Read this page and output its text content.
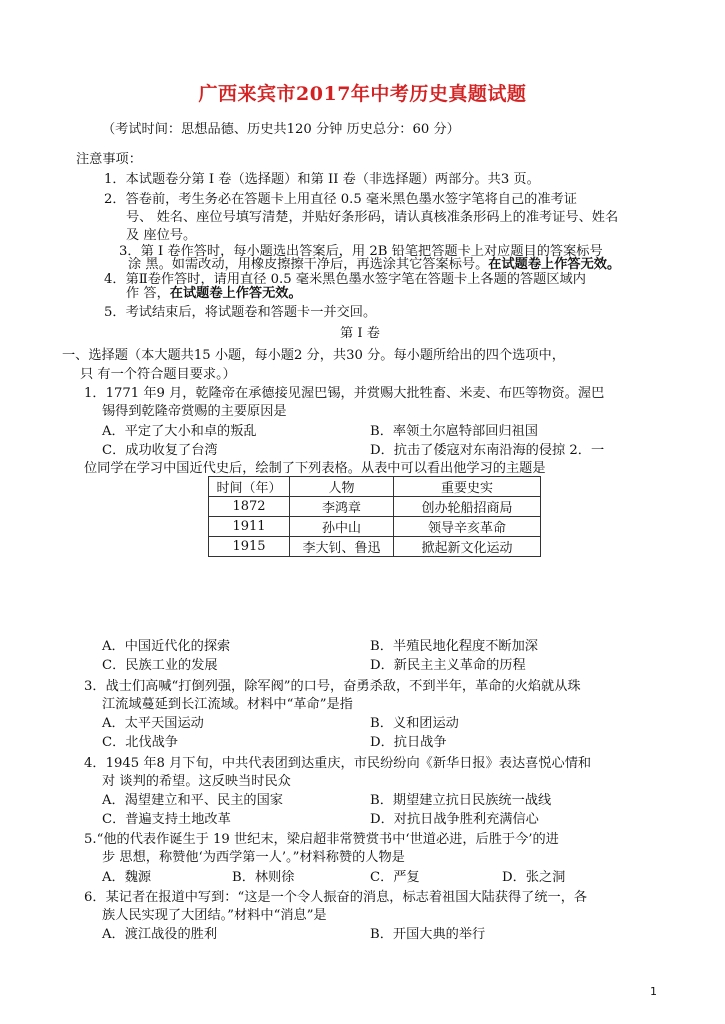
广西来宾市2017年中考历史真题试题
（考试时间：思想品德、历史共120 分钟 历史总分：60 分）
注意事项：
1．本试题卷分第 I 卷（选择题）和第 II 卷（非选择题）两部分。共3 页。
2．答卷前，考生务必在答题卡上用直径 0.5 毫米黑色墨水签字笔将自己的准考证
号、 姓名、座位号填写清楚，并贴好条形码，请认真核准条形码上的准考证号、姓名
及 座位号。
3．第 I 卷作答时，每小题选出答案后，用 2B 铅笔把答题卡上对应题目的答案标号
涂 黑。如需改动，用橡皮擦擦干净后，再选涂其它答案标号。在试题卷上作答无效。
4．第Ⅱ卷作答时，请用直径 0.5 毫米黑色墨水签字笔在答题卡上各题的答题区域内
作 答，在试题卷上作答无效。
5．考试结束后，将试题卷和答题卡一并交回。
第 I 卷
一、选择题（本大题共15 小题，每小题2 分，共30 分。每小题所给出的四个选项中，
只 有一个符合题目要求。）
1．1771 年9 月，乾隆帝在承德接见渥巴锡，并赏赐大批牲畜、米麦、布匹等物资。渥巴
锡得到乾隆帝赏赐的主要原因是
A．平定了大小和卓的叛乱	B．率领土尔扈特部回归祖国
C．成功收复了台湾	D．抗击了倭寇对东南沿海的侵掠 2．一
位同学在学习中国近代史后，绘制了下列表格。从表中可以看出他学习的主题是
时间（年）	人物	重要史实
1872	李鸿章	创办轮船招商局
1911	孙中山	领导辛亥革命
1915	李大钊、鲁迅	掀起新文化运动
A．中国近代化的探索	B．半殖民地化程度不断加深
C．民族工业的发展	D．新民主主义革命的历程
3．战士们高喊“打倒列强，除军阀”的口号，奋勇杀敌，不到半年，革命的火焰就从珠
江流域蔓延到长江流域。材料中“革命”是指
A．太平天国运动	B．义和团运动
C．北伐战争	D．抗日战争
4．1945 年8 月下旬，中共代表团到达重庆，市民纷纷向《新华日报》表达喜悦心情和
对 谈判的希望。这反映当时民众
A．渴望建立和平、民主的国家	B．期望建立抗日民族统一战线
C．普遍支持土地改革	D．对抗日战争胜利充满信心
5.“他的代表作诞生于 19 世纪末，梁启超非常赞赏书中‘世道必进，后胜于今’的进
步 思想，称赞他‘为西学第一人’。”材料称赞的人物是
A．魏源	B．林则徐	C．严复	D．张之洞
6．某记者在报道中写到：“这是一个令人振奋的消息，标志着祖国大陆获得了统一，各
族人民实现了大团结。”材料中“消息”是
A．渡江战役的胜利	B．开国大典的举行
1
